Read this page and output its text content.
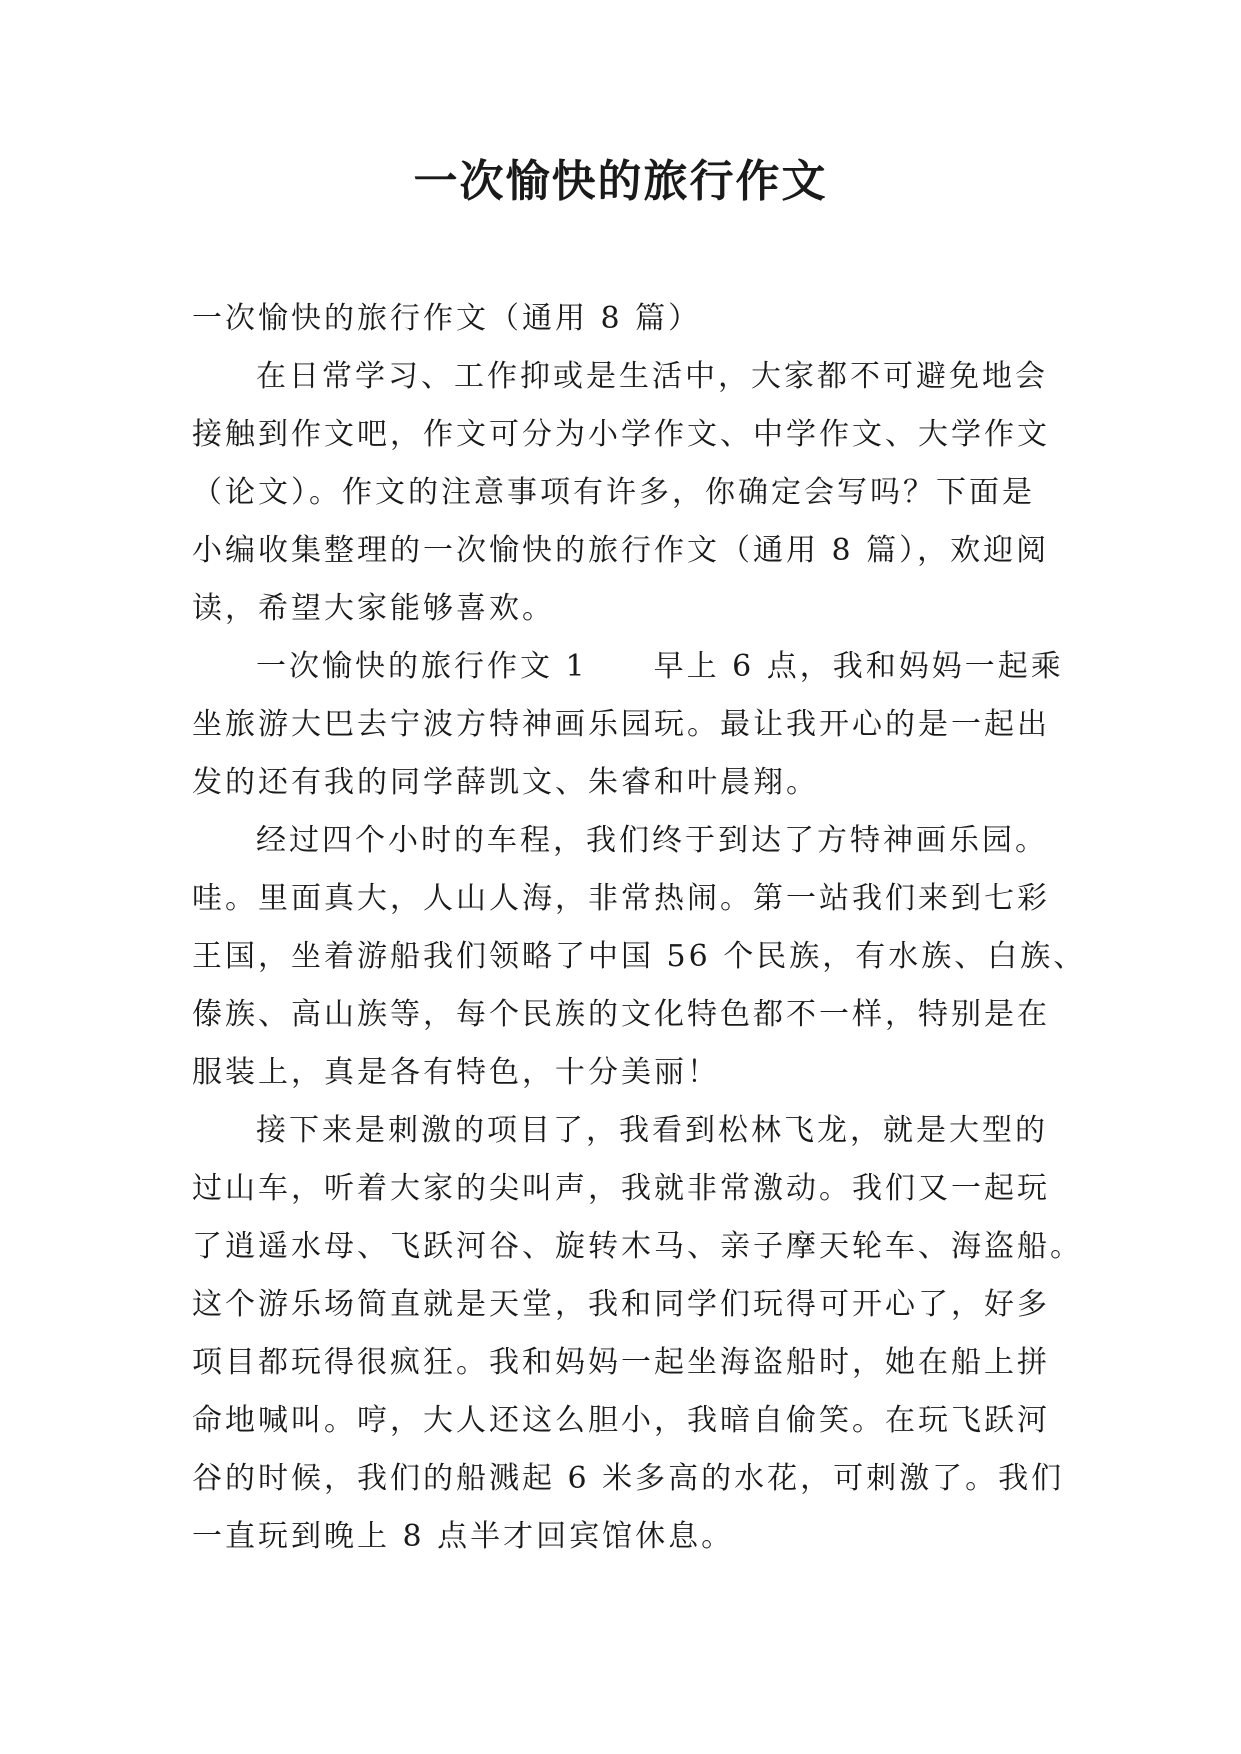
一次愉快的旅行作文
一次愉快的旅行作文（通用 8 篇）
在日常学习、工作抑或是生活中，大家都不可避免地会
接触到作文吧，作文可分为小学作文、中学作文、大学作文
（论文）。作文的注意事项有许多，你确定会写吗？下面是
小编收集整理的一次愉快的旅行作文（通用 8 篇），欢迎阅
读，希望大家能够喜欢。
一次愉快的旅行作文 1　　早上 6 点，我和妈妈一起乘
坐旅游大巴去宁波方特神画乐园玩。最让我开心的是一起出
发的还有我的同学薛凯文、朱睿和叶晨翔。
经过四个小时的车程，我们终于到达了方特神画乐园。
哇。里面真大，人山人海，非常热闹。第一站我们来到七彩
王国，坐着游船我们领略了中国 56 个民族，有水族、白族、
傣族、高山族等，每个民族的文化特色都不一样，特别是在
服装上，真是各有特色，十分美丽！
接下来是刺激的项目了，我看到松林飞龙，就是大型的
过山车，听着大家的尖叫声，我就非常激动。我们又一起玩
了逍遥水母、飞跃河谷、旋转木马、亲子摩天轮车、海盗船。
这个游乐场简直就是天堂，我和同学们玩得可开心了，好多
项目都玩得很疯狂。我和妈妈一起坐海盗船时，她在船上拼
命地喊叫。哼，大人还这么胆小，我暗自偷笑。在玩飞跃河
谷的时候，我们的船溅起 6 米多高的水花，可刺激了。我们
一直玩到晚上 8 点半才回宾馆休息。
